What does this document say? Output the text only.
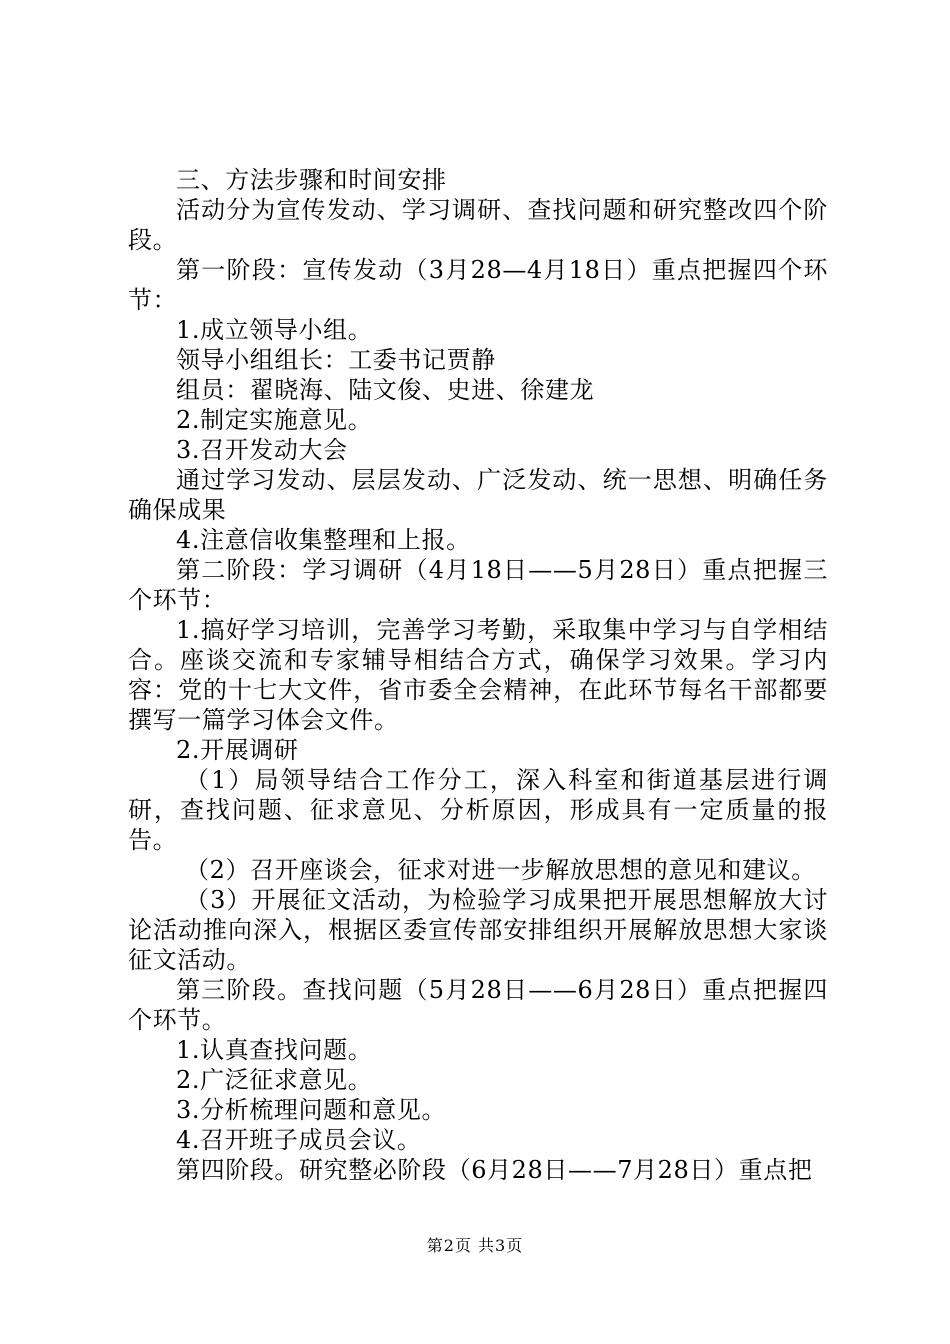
三、方法步骤和时间安排

活动分为宣传发动、学习调研、查找问题和研究整改四个阶段。

第一阶段：宣传发动（3月28—4月18日）重点把握四个环节：

1.成立领导小组。

领导小组组长：工委书记贾静

组员：翟晓海、陆文俊、史进、徐建龙

2.制定实施意见。

3.召开发动大会

通过学习发动、层层发动、广泛发动、统一思想、明确任务确保成果

4.注意信收集整理和上报。

第二阶段：学习调研（4月18日——5月28日）重点把握三个环节：

1.搞好学习培训，完善学习考勤，采取集中学习与自学相结合。座谈交流和专家辅导相结合方式，确保学习效果。学习内容：党的十七大文件，省市委全会精神，在此环节每名干部都要撰写一篇学习体会文件。

2.开展调研

（1）局领导结合工作分工，深入科室和街道基层进行调研，查找问题、征求意见、分析原因，形成具有一定质量的报告。

（2）召开座谈会，征求对进一步解放思想的意见和建议。

（3）开展征文活动，为检验学习成果把开展思想解放大讨论活动推向深入，根据区委宣传部安排组织开展解放思想大家谈征文活动。

第三阶段。查找问题（5月28日——6月28日）重点把握四个环节。

1.认真查找问题。

2.广泛征求意见。

3.分析梳理问题和意见。

4.召开班子成员会议。

第四阶段。研究整必阶段（6月28日——7月28日）重点把

第2页 共3页
